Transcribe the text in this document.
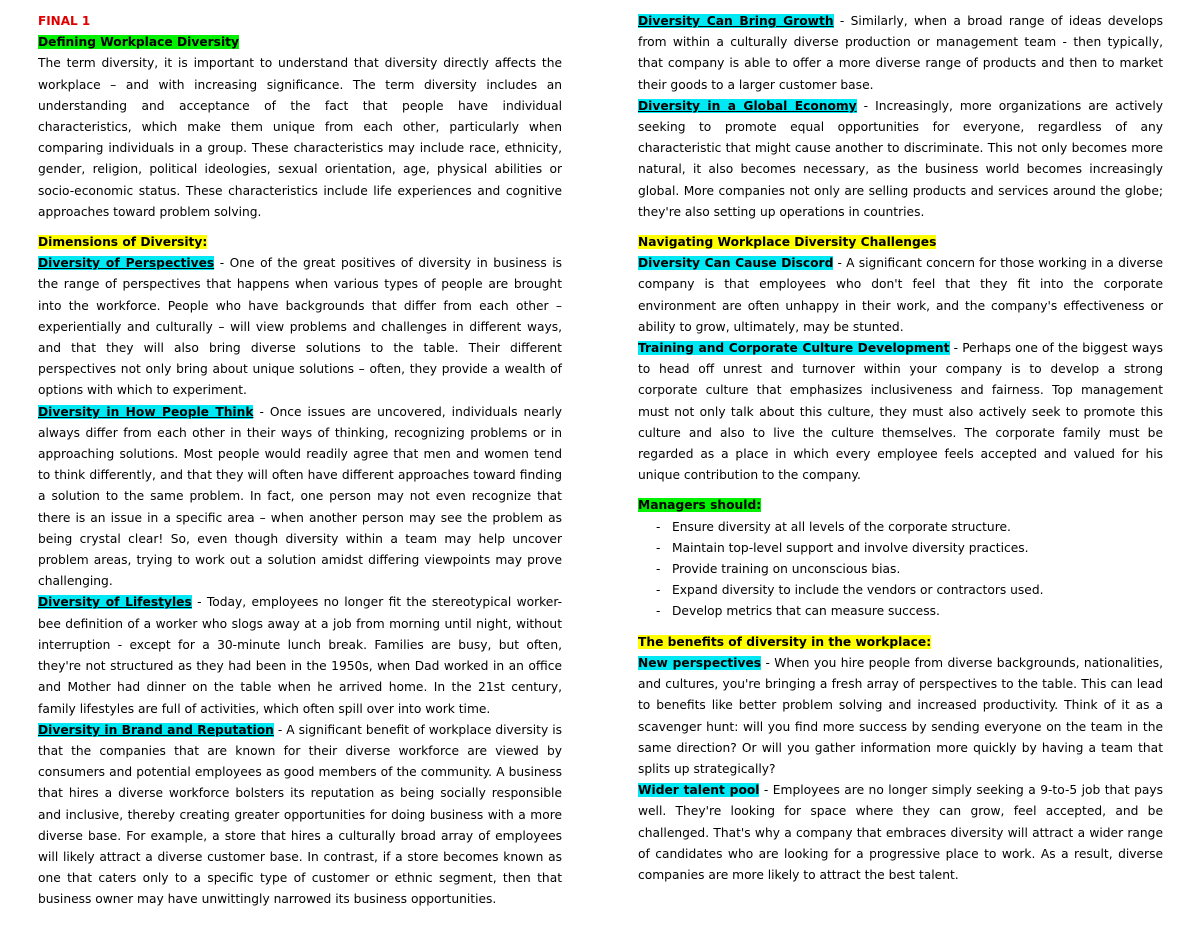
FINAL 1

Defining Workplace Diversity

The term diversity, it is important to understand that diversity directly affects the workplace – and with increasing significance. The term diversity includes an understanding and acceptance of the fact that people have individual characteristics, which make them unique from each other, particularly when comparing individuals in a group. These characteristics may include race, ethnicity, gender, religion, political ideologies, sexual orientation, age, physical abilities or socio-economic status. These characteristics include life experiences and cognitive approaches toward problem solving.

Dimensions of Diversity:

Diversity of Perspectives - One of the great positives of diversity in business is the range of perspectives that happens when various types of people are brought into the workforce. People who have backgrounds that differ from each other – experientially and culturally – will view problems and challenges in different ways, and that they will also bring diverse solutions to the table. Their different perspectives not only bring about unique solutions – often, they provide a wealth of options with which to experiment.

Diversity in How People Think - Once issues are uncovered, individuals nearly always differ from each other in their ways of thinking, recognizing problems or in approaching solutions. Most people would readily agree that men and women tend to think differently, and that they will often have different approaches toward finding a solution to the same problem. In fact, one person may not even recognize that there is an issue in a specific area – when another person may see the problem as being crystal clear! So, even though diversity within a team may help uncover problem areas, trying to work out a solution amidst differing viewpoints may prove challenging.

Diversity of Lifestyles - Today, employees no longer fit the stereotypical worker-bee definition of a worker who slogs away at a job from morning until night, without interruption - except for a 30-minute lunch break. Families are busy, but often, they're not structured as they had been in the 1950s, when Dad worked in an office and Mother had dinner on the table when he arrived home. In the 21st century, family lifestyles are full of activities, which often spill over into work time.

Diversity in Brand and Reputation - A significant benefit of workplace diversity is that the companies that are known for their diverse workforce are viewed by consumers and potential employees as good members of the community. A business that hires a diverse workforce bolsters its reputation as being socially responsible and inclusive, thereby creating greater opportunities for doing business with a more diverse base. For example, a store that hires a culturally broad array of employees will likely attract a diverse customer base. In contrast, if a store becomes known as one that caters only to a specific type of customer or ethnic segment, then that business owner may have unwittingly narrowed its business opportunities.

Diversity Can Bring Growth - Similarly, when a broad range of ideas develops from within a culturally diverse production or management team - then typically, that company is able to offer a more diverse range of products and then to market their goods to a larger customer base.

Diversity in a Global Economy - Increasingly, more organizations are actively seeking to promote equal opportunities for everyone, regardless of any characteristic that might cause another to discriminate. This not only becomes more natural, it also becomes necessary, as the business world becomes increasingly global. More companies not only are selling products and services around the globe; they're also setting up operations in countries.

Navigating Workplace Diversity Challenges

Diversity Can Cause Discord - A significant concern for those working in a diverse company is that employees who don't feel that they fit into the corporate environment are often unhappy in their work, and the company's effectiveness or ability to grow, ultimately, may be stunted.

Training and Corporate Culture Development - Perhaps one of the biggest ways to head off unrest and turnover within your company is to develop a strong corporate culture that emphasizes inclusiveness and fairness. Top management must not only talk about this culture, they must also actively seek to promote this culture and also to live the culture themselves. The corporate family must be regarded as a place in which every employee feels accepted and valued for his unique contribution to the company.

Managers should:

- Ensure diversity at all levels of the corporate structure.
- Maintain top-level support and involve diversity practices.
- Provide training on unconscious bias.
- Expand diversity to include the vendors or contractors used.
- Develop metrics that can measure success.

The benefits of diversity in the workplace:

New perspectives - When you hire people from diverse backgrounds, nationalities, and cultures, you're bringing a fresh array of perspectives to the table. This can lead to benefits like better problem solving and increased productivity. Think of it as a scavenger hunt: will you find more success by sending everyone on the team in the same direction? Or will you gather information more quickly by having a team that splits up strategically?

Wider talent pool - Employees are no longer simply seeking a 9-to-5 job that pays well. They're looking for space where they can grow, feel accepted, and be challenged. That's why a company that embraces diversity will attract a wider range of candidates who are looking for a progressive place to work. As a result, diverse companies are more likely to attract the best talent.
